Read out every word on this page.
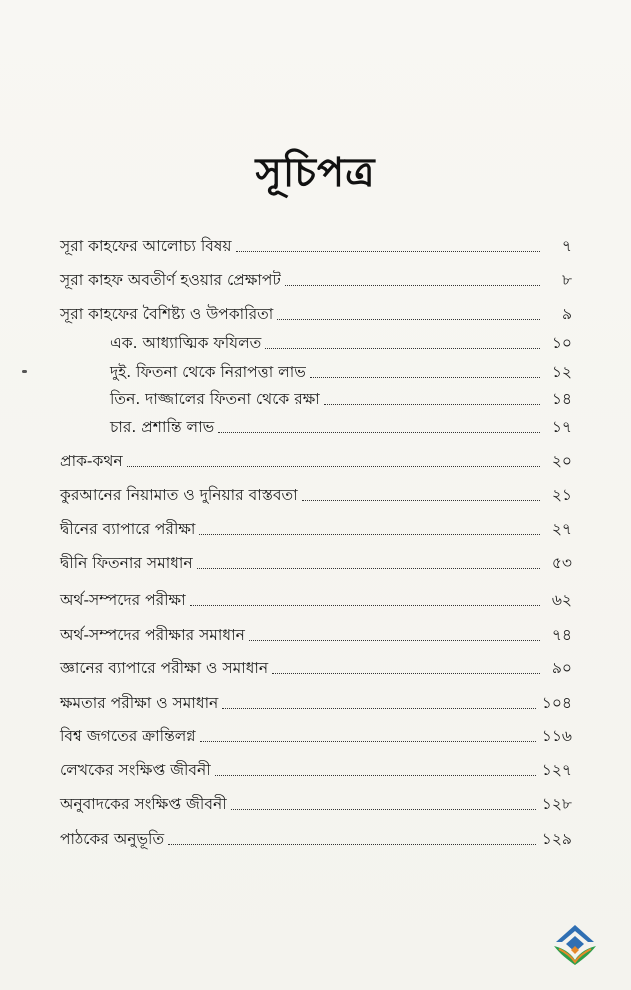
সূচিপত্র
সূরা কাহফের আলোচ্য বিষয়	৭
সূরা কাহফ অবতীর্ণ হওয়ার প্রেক্ষাপট	৮
সূরা কাহফের বৈশিষ্ট্য ও উপকারিতা	৯
এক. আধ্যাত্মিক ফযিলত	১০
দুই. ফিতনা থেকে নিরাপত্তা লাভ	১২
তিন. দাজ্জালের ফিতনা থেকে রক্ষা	১৪
চার. প্রশান্তি লাভ	১৭
প্রাক-কথন	২০
কুরআনের নিয়ামাত ও দুনিয়ার বাস্তবতা	২১
দ্বীনের ব্যাপারে পরীক্ষা	২৭
দ্বীনি ফিতনার সমাধান	৫৩
অর্থ-সম্পদের পরীক্ষা	৬২
অর্থ-সম্পদের পরীক্ষার সমাধান	৭৪
জ্ঞানের ব্যাপারে পরীক্ষা ও সমাধান	৯০
ক্ষমতার পরীক্ষা ও সমাধান	১০৪
বিশ্ব জগতের ক্রান্তিলগ্ন	১১৬
লেখকের সংক্ষিপ্ত জীবনী	১২৭
অনুবাদকের সংক্ষিপ্ত জীবনী	১২৮
পাঠকের অনুভূতি	১২৯
